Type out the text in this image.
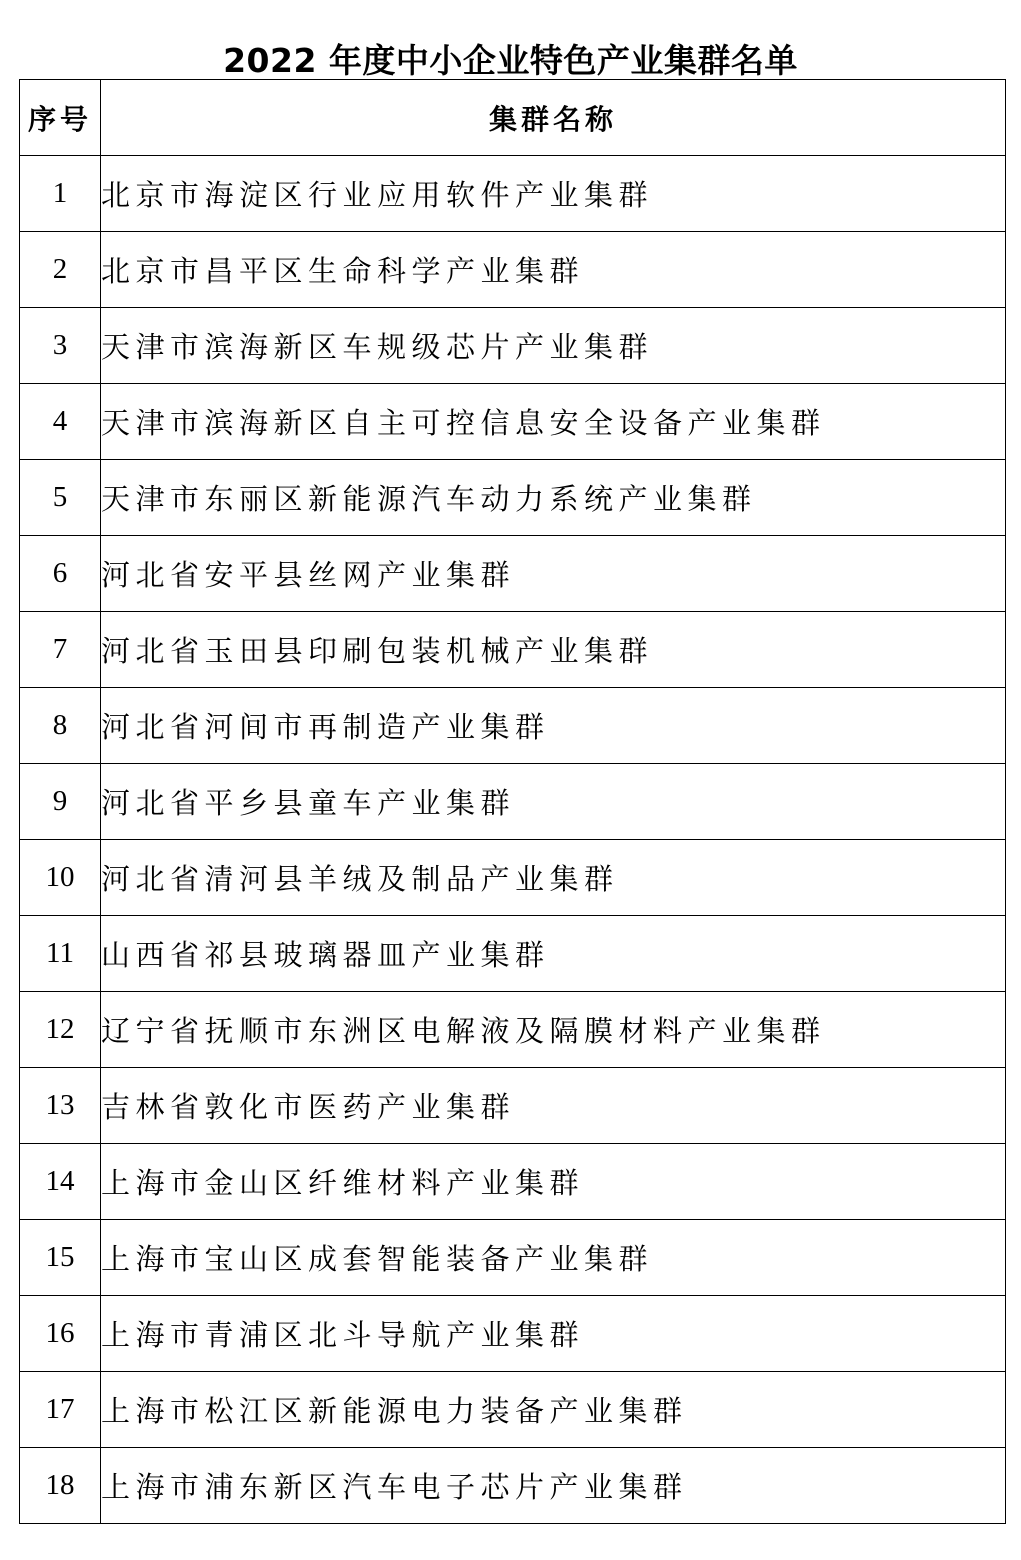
2022 年度中小企业特色产业集群名单
序号	集群名称
1	北京市海淀区行业应用软件产业集群
2	北京市昌平区生命科学产业集群
3	天津市滨海新区车规级芯片产业集群
4	天津市滨海新区自主可控信息安全设备产业集群
5	天津市东丽区新能源汽车动力系统产业集群
6	河北省安平县丝网产业集群
7	河北省玉田县印刷包装机械产业集群
8	河北省河间市再制造产业集群
9	河北省平乡县童车产业集群
10	河北省清河县羊绒及制品产业集群
11	山西省祁县玻璃器皿产业集群
12	辽宁省抚顺市东洲区电解液及隔膜材料产业集群
13	吉林省敦化市医药产业集群
14	上海市金山区纤维材料产业集群
15	上海市宝山区成套智能装备产业集群
16	上海市青浦区北斗导航产业集群
17	上海市松江区新能源电力装备产业集群
18	上海市浦东新区汽车电子芯片产业集群
